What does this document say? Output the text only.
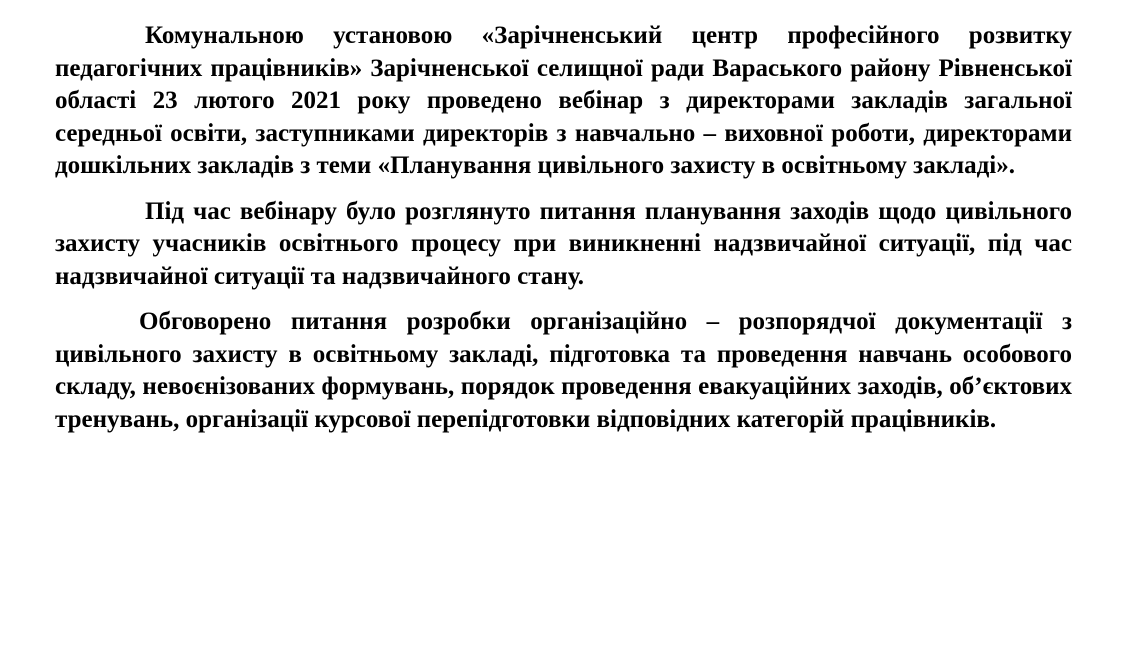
Комунальною установою «Зарічненський центр професійного розвитку педагогічних працівників» Зарічненської селищної ради Вараського району Рівненської області 23 лютого 2021 року проведено вебінар з директорами закладів загальної середньої освіти, заступниками директорів з навчально – виховної роботи, директорами дошкільних закладів з теми «Планування цивільного захисту в освітньому закладі».

Під час вебінару було розглянуто питання планування заходів щодо цивільного захисту учасників освітнього процесу при виникненні надзвичайної ситуації, під час надзвичайної ситуації та надзвичайного стану.

Обговорено питання розробки організаційно – розпорядчої документації з цивільного захисту в освітньому закладі, підготовка та проведення навчань особового складу, невоєнізованих формувань, порядок проведення евакуаційних заходів, об’єктових тренувань, організації курсової перепідготовки відповідних категорій працівників.
